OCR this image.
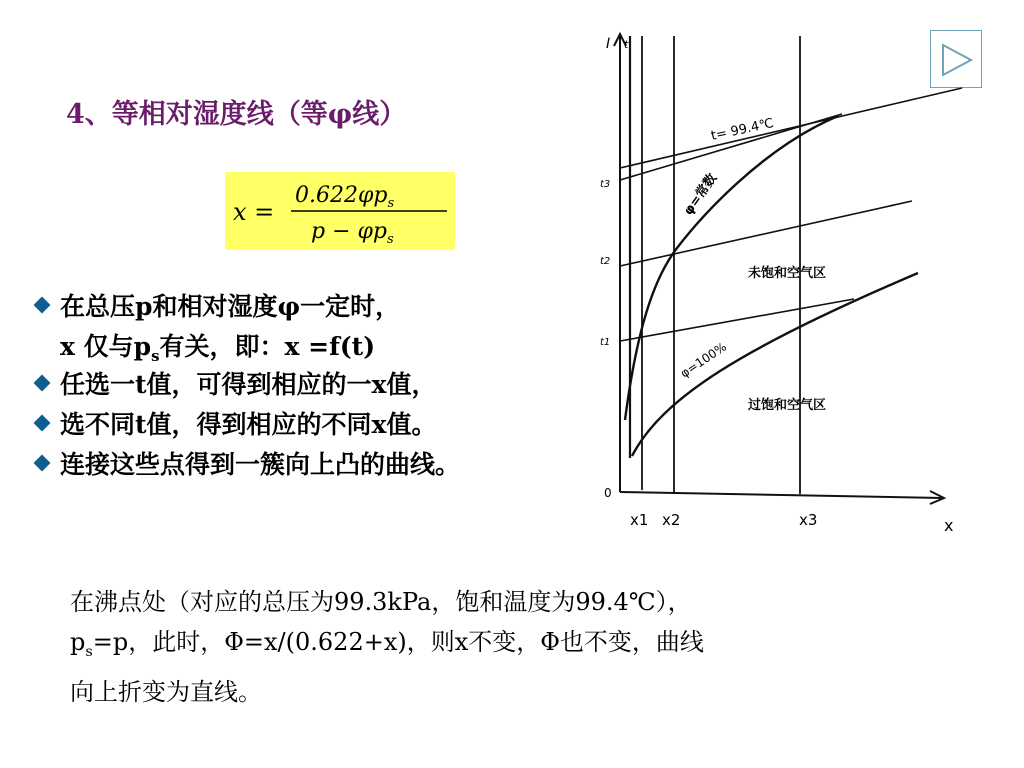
4、等相对湿度线（等φ线）
x =
$0.622\varphi p_s$
$p - \varphi p_s$
在总压p和相对湿度φ一定时，
x 仅与$p_s$有关，即：x =f(t)
任选一t值，可得到相应的一x值，
选不同t值，得到相应的不同x值。
连接这些点得到一簇向上凸的曲线。
在沸点处（对应的总压为99.3kPa，饱和温度为99.4℃），
$p_s=p$，此时，Φ=x/(0.622+x)，则x不变，Φ也不变，曲线
向上折变为直线。
I t
t= 99.4℃
φ=常数
φ=100%
未饱和空气区
过饱和空气区
0
t3
t2
t1
x1 x2	x3	x
